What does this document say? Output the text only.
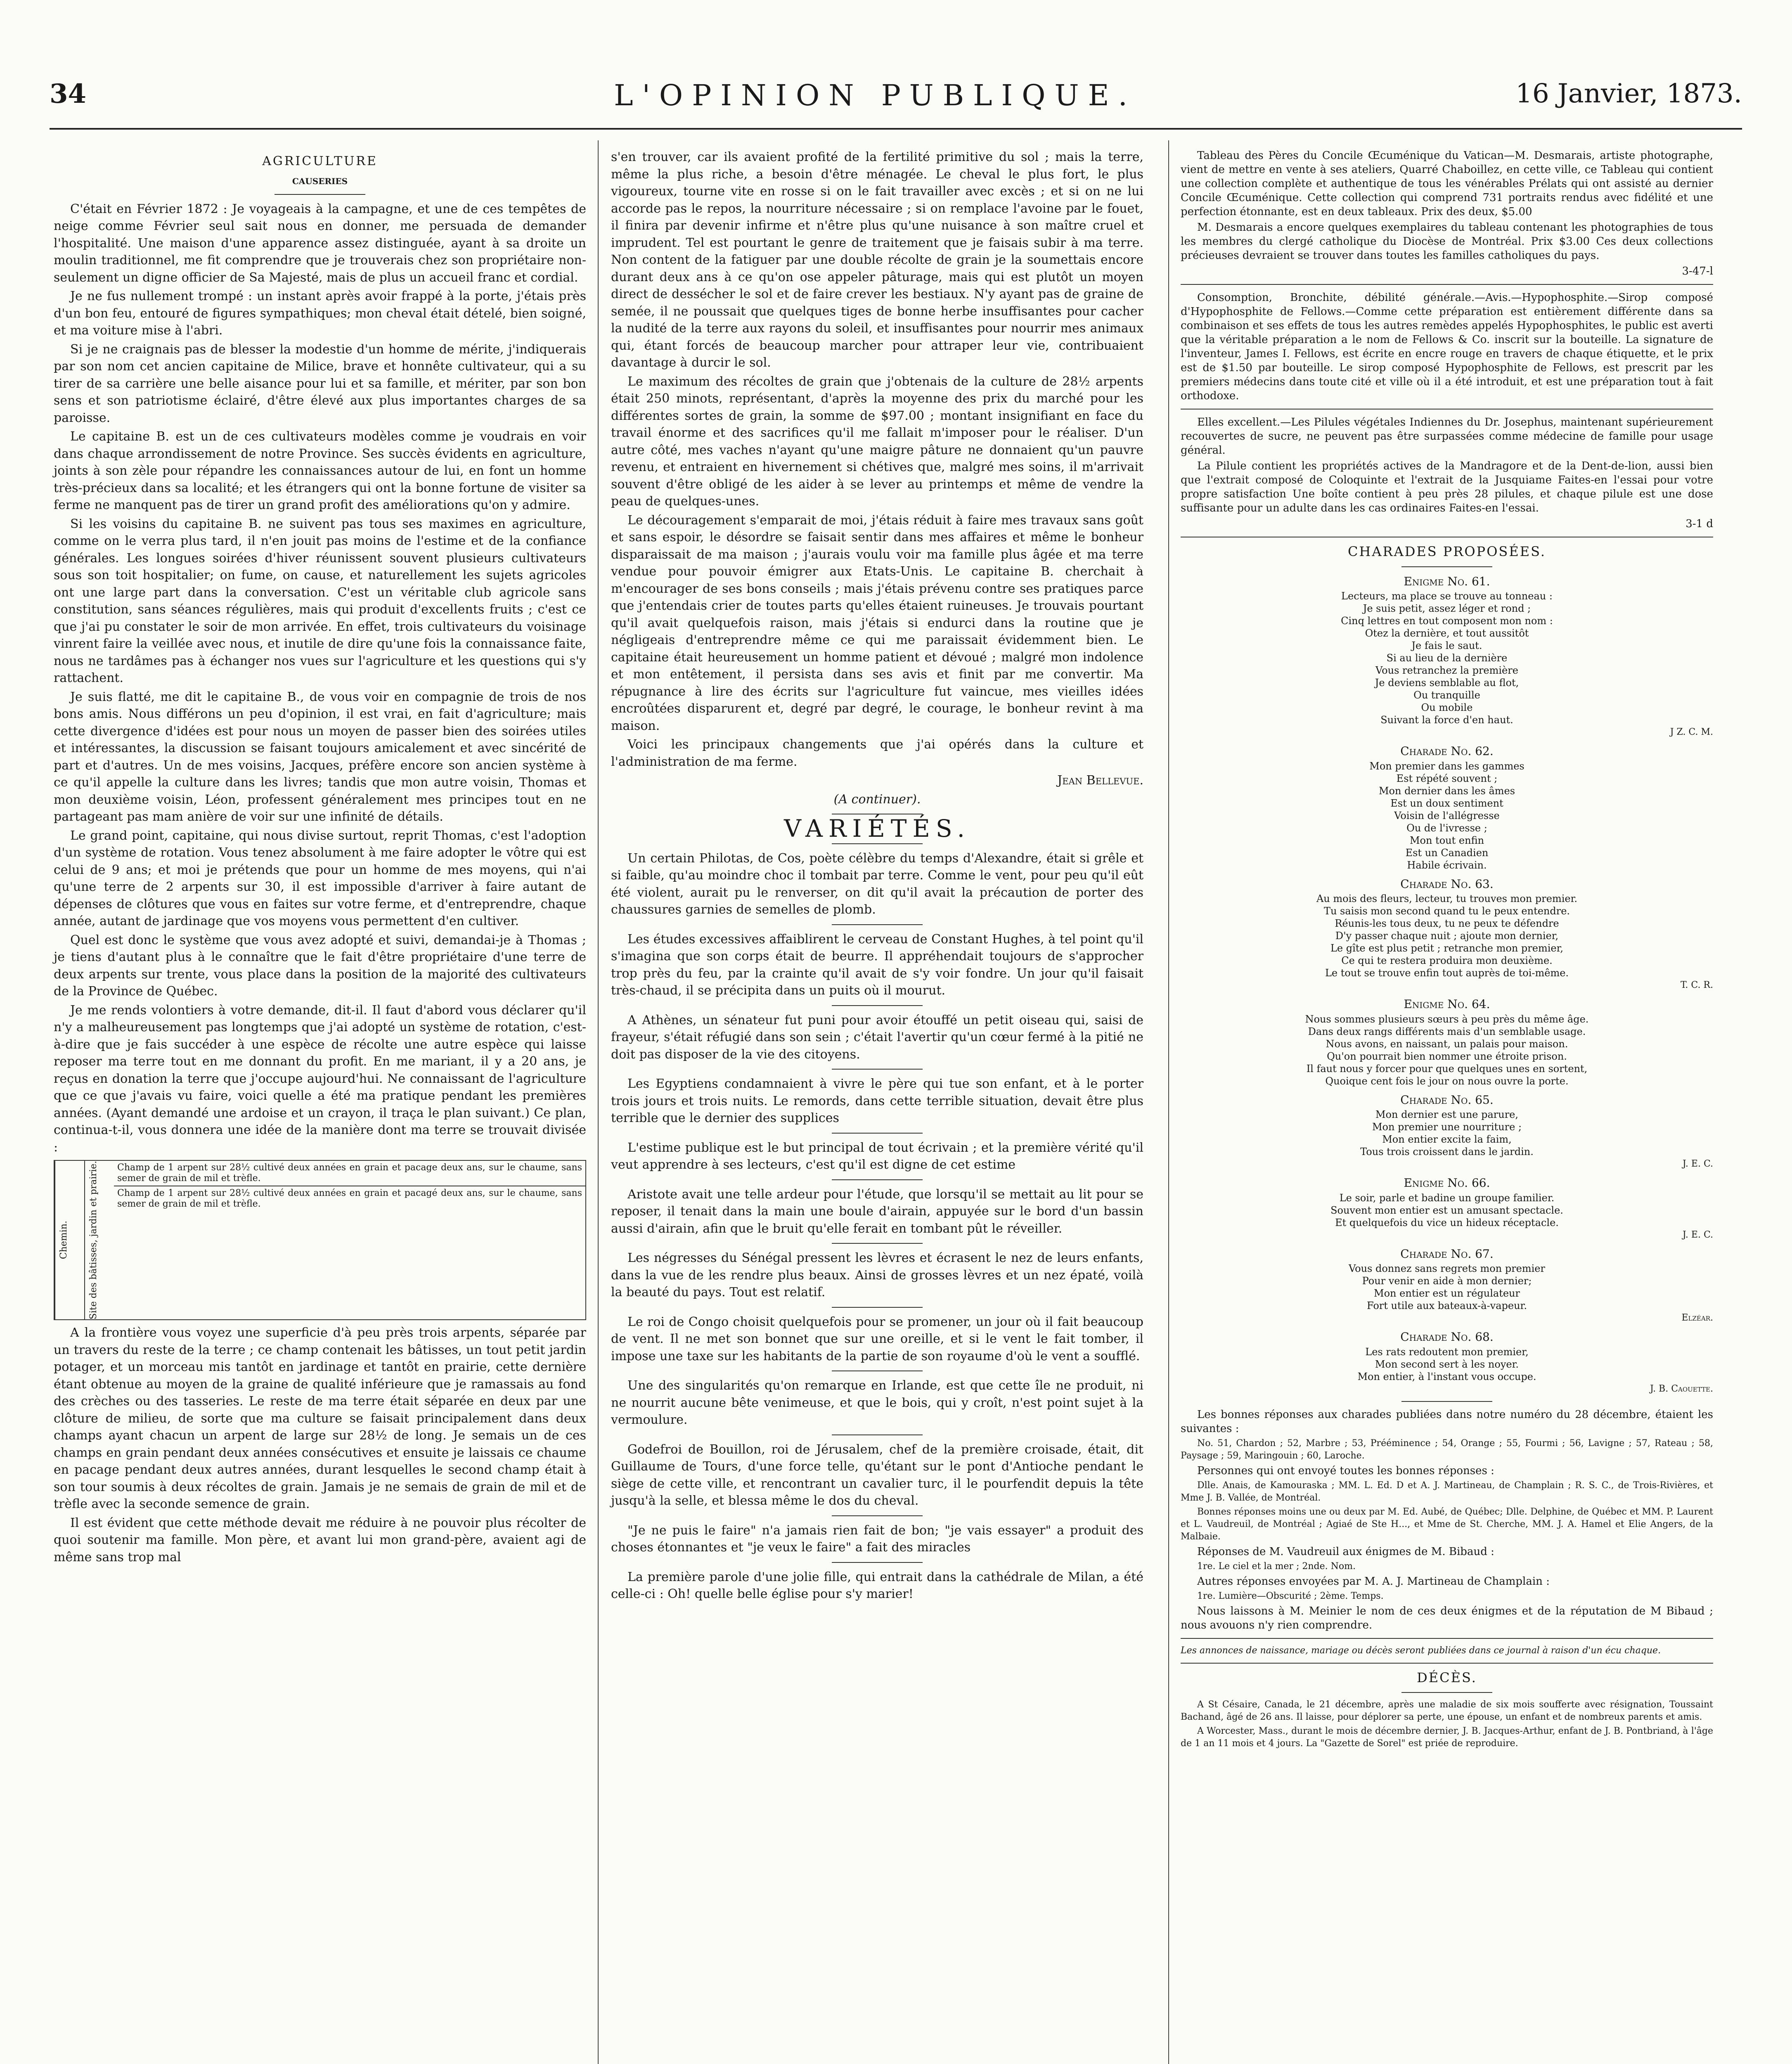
34	L'OPINION PUBLIQUE.	16 Janvier, 1873.
AGRICULTURE
CAUSERIES

C'était en Février 1872 : Je voyageais à la campagne, et une de ces tempêtes de neige comme Février seul sait nous en donner, me persuada de demander l'hospitalité. Une maison d'une apparence assez distinguée, ayant à sa droite un moulin traditionnel, me fit comprendre que je trouverais chez son propriétaire non-seulement un digne officier de Sa Majesté, mais de plus un accueil franc et cordial.

Je ne fus nullement trompé : un instant après avoir frappé à la porte, j'étais près d'un bon feu, entouré de figures sympathiques; mon cheval était dételé, bien soigné, et ma voiture mise à l'abri.

Si je ne craignais pas de blesser la modestie d'un homme de mérite, j'indiquerais par son nom cet ancien capitaine de Milice, brave et honnête cultivateur, qui a su tirer de sa carrière une belle aisance pour lui et sa famille, et mériter, par son bon sens et son patriotisme éclairé, d'être élevé aux plus importantes charges de sa paroisse.

Le capitaine B. est un de ces cultivateurs modèles comme je voudrais en voir dans chaque arrondissement de notre Province. Ses succès évidents en agriculture, joints à son zèle pour répandre les connaissances autour de lui, en font un homme très-précieux dans sa localité; et les étrangers qui ont la bonne fortune de visiter sa ferme ne manquent pas de tirer un grand profit des améliorations qu'on y admire.

Si les voisins du capitaine B. ne suivent pas tous ses maximes en agriculture, comme on le verra plus tard, il n'en jouit pas moins de l'estime et de la confiance générales. Les longues soirées d'hiver réunissent souvent plusieurs cultivateurs sous son toit hospitalier; on fume, on cause, et naturellement les sujets agricoles ont une large part dans la conversation. C'est un véritable club agricole sans constitution, sans séances régulières, mais qui produit d'excellents fruits ; c'est ce que j'ai pu constater le soir de mon arrivée. En effet, trois cultivateurs du voisinage vinrent faire la veillée avec nous, et inutile de dire qu'une fois la connaissance faite, nous ne tardâmes pas à échanger nos vues sur l'agriculture et les questions qui s'y rattachent.

Je suis flatté, me dit le capitaine B., de vous voir en compagnie de trois de nos bons amis. Nous différons un peu d'opinion, il est vrai, en fait d'agriculture; mais cette divergence d'idées est pour nous un moyen de passer bien des soirées utiles et intéressantes, la discussion se faisant toujours amicalement et avec sincérité de part et d'autres. Un de mes voisins, Jacques, préfère encore son ancien système à ce qu'il appelle la culture dans les livres; tandis que mon autre voisin, Thomas et mon deuxième voisin, Léon, professent généralement mes principes tout en ne partageant pas mam anière de voir sur une infinité de détails.

Le grand point, capitaine, qui nous divise surtout, reprit Thomas, c'est l'adoption d'un système de rotation. Vous tenez absolument à me faire adopter le vôtre qui est celui de 9 ans; et moi je prétends que pour un homme de mes moyens, qui n'ai qu'une terre de 2 arpents sur 30, il est impossible d'arriver à faire autant de dépenses de clôtures que vous en faites sur votre ferme, et d'entreprendre, chaque année, autant de jardinage que vos moyens vous permettent d'en cultiver.

Quel est donc le système que vous avez adopté et suivi, demandai-je à Thomas ; je tiens d'autant plus à le connaître que le fait d'être propriétaire d'une terre de deux arpents sur trente, vous place dans la position de la majorité des cultivateurs de la Province de Québec.

Je me rends volontiers à votre demande, dit-il. Il faut d'abord vous déclarer qu'il n'y a malheureusement pas longtemps que j'ai adopté un système de rotation, c'est-à-dire que je fais succéder à une espèce de récolte une autre espèce qui laisse reposer ma terre tout en me donnant du profit. En me mariant, il y a 20 ans, je reçus en donation la terre que j'occupe aujourd'hui. Ne connaissant de l'agriculture que ce que j'avais vu faire, voici quelle a été ma pratique pendant les premières années. (Ayant demandé une ardoise et un crayon, il traça le plan suivant.) Ce plan, continua-t-il, vous donnera une idée de la manière dont ma terre se trouvait divisée :

Chemin.	Site des bâtisses, jardin et prairie.	Champ de 1 arpent sur 28½ cultivé deux années en grain et pacage deux ans, sur le chaume, sans semer de grain de mil et trèfle.
Champ de 1 arpent sur 28½ cultivé deux années en grain et pacagé deux ans, sur le chaume, sans semer de grain de mil et trèfle.

A la frontière vous voyez une superficie d'à peu près trois arpents, séparée par un travers du reste de la terre ; ce champ contenait les bâtisses, un tout petit jardin potager, et un morceau mis tantôt en jardinage et tantôt en prairie, cette dernière étant obtenue au moyen de la graine de qualité inférieure que je ramassais au fond des crèches ou des tasseries. Le reste de ma terre était séparée en deux par une clôture de milieu, de sorte que ma culture se faisait principalement dans deux champs ayant chacun un arpent de large sur 28½ de long. Je semais un de ces champs en grain pendant deux années consécutives et ensuite je laissais ce chaume en pacage pendant deux autres années, durant lesquelles le second champ était à son tour soumis à deux récoltes de grain. Jamais je ne semais de grain de mil et de trèfle avec la seconde semence de grain.

Il est évident que cette méthode devait me réduire à ne pouvoir plus récolter de quoi soutenir ma famille. Mon père, et avant lui mon grand-père, avaient agi de même sans trop mal

s'en trouver, car ils avaient profité de la fertilité primitive du sol ; mais la terre, même la plus riche, a besoin d'être ménagée. Le cheval le plus fort, le plus vigoureux, tourne vite en rosse si on le fait travailler avec excès ; et si on ne lui accorde pas le repos, la nourriture nécessaire ; si on remplace l'avoine par le fouet, il finira par devenir infirme et n'être plus qu'une nuisance à son maître cruel et imprudent. Tel est pourtant le genre de traitement que je faisais subir à ma terre. Non content de la fatiguer par une double récolte de grain je la soumettais encore durant deux ans à ce qu'on ose appeler pâturage, mais qui est plutôt un moyen direct de dessécher le sol et de faire crever les bestiaux. N'y ayant pas de graine de semée, il ne poussait que quelques tiges de bonne herbe insuffisantes pour cacher la nudité de la terre aux rayons du soleil, et insuffisantes pour nourrir mes animaux qui, étant forcés de beaucoup marcher pour attraper leur vie, contribuaient davantage à durcir le sol.

Le maximum des récoltes de grain que j'obtenais de la culture de 28½ arpents était 250 minots, représentant, d'après la moyenne des prix du marché pour les différentes sortes de grain, la somme de $97.00 ; montant insignifiant en face du travail énorme et des sacrifices qu'il me fallait m'imposer pour le réaliser. D'un autre côté, mes vaches n'ayant qu'une maigre pâture ne donnaient qu'un pauvre revenu, et entraient en hivernement si chétives que, malgré mes soins, il m'arrivait souvent d'être obligé de les aider à se lever au printemps et même de vendre la peau de quelques-unes.

Le découragement s'emparait de moi, j'étais réduit à faire mes travaux sans goût et sans espoir, le désordre se faisait sentir dans mes affaires et même le bonheur disparaissait de ma maison ; j'aurais voulu voir ma famille plus âgée et ma terre vendue pour pouvoir émigrer aux Etats-Unis. Le capitaine B. cherchait à m'encourager de ses bons conseils ; mais j'étais prévenu contre ses pratiques parce que j'entendais crier de toutes parts qu'elles étaient ruineuses. Je trouvais pourtant qu'il avait quelquefois raison, mais j'étais si endurci dans la routine que je négligeais d'entreprendre même ce qui me paraissait évidemment bien. Le capitaine était heureusement un homme patient et dévoué ; malgré mon indolence et mon entêtement, il persista dans ses avis et finit par me convertir. Ma répugnance à lire des écrits sur l'agriculture fut vaincue, mes vieilles idées encroûtées disparurent et, degré par degré, le courage, le bonheur revint à ma maison.

Voici les principaux changements que j'ai opérés dans la culture et l'administration de ma ferme.

Jean Bellevue.

(A continuer).

VARIÉTÉS.

Un certain Philotas, de Cos, poète célèbre du temps d'Alexandre, était si grêle et si faible, qu'au moindre choc il tombait par terre. Comme le vent, pour peu qu'il eût été violent, aurait pu le renverser, on dit qu'il avait la précaution de porter des chaussures garnies de semelles de plomb.

Les études excessives affaiblirent le cerveau de Constant Hughes, à tel point qu'il s'imagina que son corps était de beurre. Il appréhendait toujours de s'approcher trop près du feu, par la crainte qu'il avait de s'y voir fondre. Un jour qu'il faisait très-chaud, il se précipita dans un puits où il mourut.

A Athènes, un sénateur fut puni pour avoir étouffé un petit oiseau qui, saisi de frayeur, s'était réfugié dans son sein ; c'était l'avertir qu'un cœur fermé à la pitié ne doit pas disposer de la vie des citoyens.

Les Egyptiens condamnaient à vivre le père qui tue son enfant, et à le porter trois jours et trois nuits. Le remords, dans cette terrible situation, devait être plus terrible que le dernier des supplices

L'estime publique est le but principal de tout écrivain ; et la première vérité qu'il veut apprendre à ses lecteurs, c'est qu'il est digne de cet estime

Aristote avait une telle ardeur pour l'étude, que lorsqu'il se mettait au lit pour se reposer, il tenait dans la main une boule d'airain, appuyée sur le bord d'un bassin aussi d'airain, afin que le bruit qu'elle ferait en tombant pût le réveiller.

Les négresses du Sénégal pressent les lèvres et écrasent le nez de leurs enfants, dans la vue de les rendre plus beaux. Ainsi de grosses lèvres et un nez épaté, voilà la beauté du pays. Tout est relatif.

Le roi de Congo choisit quelquefois pour se promener, un jour où il fait beaucoup de vent. Il ne met son bonnet que sur une oreille, et si le vent le fait tomber, il impose une taxe sur les habitants de la partie de son royaume d'où le vent a soufflé.

Une des singularités qu'on remarque en Irlande, est que cette île ne produit, ni ne nourrit aucune bête venimeuse, et que le bois, qui y croît, n'est point sujet à la vermoulure.

Godefroi de Bouillon, roi de Jérusalem, chef de la première croisade, était, dit Guillaume de Tours, d'une force telle, qu'étant sur le pont d'Antioche pendant le siège de cette ville, et rencontrant un cavalier turc, il le pourfendit depuis la tête jusqu'à la selle, et blessa même le dos du cheval.

"Je ne puis le faire" n'a jamais rien fait de bon; "je vais essayer" a produit des choses étonnantes et "je veux le faire" a fait des miracles

La première parole d'une jolie fille, qui entrait dans la cathédrale de Milan, a été celle-ci : Oh! quelle belle église pour s'y marier!

Tableau des Pères du Concile Œcuménique du Vatican—M. Desmarais, artiste photographe, vient de mettre en vente à ses ateliers, Quarré Chaboillez, en cette ville, ce Tableau qui contient une collection complète et authentique de tous les vénérables Prélats qui ont assisté au dernier Concile Œcuménique. Cette collection qui comprend 731 portraits rendus avec fidélité et une perfection étonnante, est en deux tableaux. Prix des deux, $5.00

M. Desmarais a encore quelques exemplaires du tableau contenant les photographies de tous les membres du clergé catholique du Diocèse de Montréal. Prix $3.00 Ces deux collections précieuses devraient se trouver dans toutes les familles catholiques du pays.

3-47-l

Consomption, Bronchite, débilité générale.—Avis.—Hypophosphite.—Sirop composé d'Hypophosphite de Fellows.—Comme cette préparation est entièrement différente dans sa combinaison et ses effets de tous les autres remèdes appelés Hypophosphites, le public est averti que la véritable préparation a le nom de Fellows & Co. inscrit sur la bouteille. La signature de l'inventeur, James I. Fellows, est écrite en encre rouge en travers de chaque étiquette, et le prix est de $1.50 par bouteille. Le sirop composé Hypophosphite de Fellows, est prescrit par les premiers médecins dans toute cité et ville où il a été introduit, et est une préparation tout à fait orthodoxe.

Elles excellent.—Les Pilules végétales Indiennes du Dr. Josephus, maintenant supérieurement recouvertes de sucre, ne peuvent pas être surpassées comme médecine de famille pour usage général.

La Pilule contient les propriétés actives de la Mandragore et de la Dent-de-lion, aussi bien que l'extrait composé de Coloquinte et l'extrait de la Jusquiame Faites-en l'essai pour votre propre satisfaction Une boîte contient à peu près 28 pilules, et chaque pilule est une dose suffisante pour un adulte dans les cas ordinaires Faites-en l'essai.

3-1 d

CHARADES PROPOSÉES.
Enigme No. 61.
Lecteurs, ma place se trouve au tonneau :
Je suis petit, assez léger et rond ;
Cinq lettres en tout composent mon nom :
Otez la dernière, et tout aussitôt
Je fais le saut.
Si au lieu de la dernière
Vous retranchez la première
Je deviens semblable au flot,
Ou tranquille
Ou mobile
Suivant la force d'en haut.
J Z. C. M.
Charade No. 62.
Mon premier dans les gammes
Est répété souvent ;
Mon dernier dans les âmes
Est un doux sentiment
Voisin de l'allégresse
Ou de l'ivresse ;
Mon tout enfin
Est un Canadien
Habile écrivain.
Charade No. 63.
Au mois des fleurs, lecteur, tu trouves mon premier.
Tu saisis mon second quand tu le peux entendre.
Réunis-les tous deux, tu ne peux te défendre
D'y passer chaque nuit ; ajoute mon dernier,
Le gîte est plus petit ; retranche mon premier,
Ce qui te restera produira mon deuxième.
Le tout se trouve enfin tout auprès de toi-même.
T. C. R.
Enigme No. 64.
Nous sommes plusieurs sœurs à peu près du même âge.
Dans deux rangs différents mais d'un semblable usage.
Nous avons, en naissant, un palais pour maison.
Qu'on pourrait bien nommer une étroite prison.
Il faut nous y forcer pour que quelques unes en sortent,
Quoique cent fois le jour on nous ouvre la porte.
Charade No. 65.
Mon dernier est une parure,
Mon premier une nourriture ;
Mon entier excite la faim,
Tous trois croissent dans le jardin.
J. E. C.
Enigme No. 66.
Le soir, parle et badine un groupe familier.
Souvent mon entier est un amusant spectacle.
Et quelquefois du vice un hideux réceptacle.
J. E. C.
Charade No. 67.
Vous donnez sans regrets mon premier
Pour venir en aide à mon dernier;
Mon entier est un régulateur
Fort utile aux bateaux-à-vapeur.
Elzéar.
Charade No. 68.
Les rats redoutent mon premier,
Mon second sert à les noyer.
Mon entier, à l'instant vous occupe.
J. B. Caouette.

Les bonnes réponses aux charades publiées dans notre numéro du 28 décembre, étaient les suivantes :

No. 51, Chardon ; 52, Marbre ; 53, Prééminence ; 54, Orange ; 55, Fourmi ; 56, Lavigne ; 57, Rateau ; 58, Paysage ; 59, Maringouin ; 60, Laroche.

Personnes qui ont envoyé toutes les bonnes réponses :

Dlle. Anais, de Kamouraska ; MM. L. Ed. D et A. J. Martineau, de Champlain ; R. S. C., de Trois-Rivières, et Mme J. B. Vallée, de Montréal.

Bonnes réponses moins une ou deux par M. Ed. Aubé, de Québec; Dlle. Delphine, de Québec et MM. P. Laurent et L. Vaudreuil, de Montréal ; Agiaé de Ste H..., et Mme de St. Cherche, MM. J. A. Hamel et Elie Angers, de la Malbaie.

Réponses de M. Vaudreuil aux énigmes de M. Bibaud :

1re. Le ciel et la mer ; 2nde. Nom.

Autres réponses envoyées par M. A. J. Martineau de Champlain :

1re. Lumière—Obscurité ; 2ème. Temps.

Nous laissons à M. Meinier le nom de ces deux énigmes et de la réputation de M Bibaud ; nous avouons n'y rien comprendre.

Les annonces de naissance, mariage ou décès seront publiées dans ce journal à raison d'un écu chaque.

DÉCÈS.

A St Césaire, Canada, le 21 décembre, après une maladie de six mois soufferte avec résignation, Toussaint Bachand, âgé de 26 ans. Il laisse, pour déplorer sa perte, une épouse, un enfant et de nombreux parents et amis.

A Worcester, Mass., durant le mois de décembre dernier, J. B. Jacques-Arthur, enfant de J. B. Pontbriand, à l'âge de 1 an 11 mois et 4 jours. La "Gazette de Sorel" est priée de reproduire.
